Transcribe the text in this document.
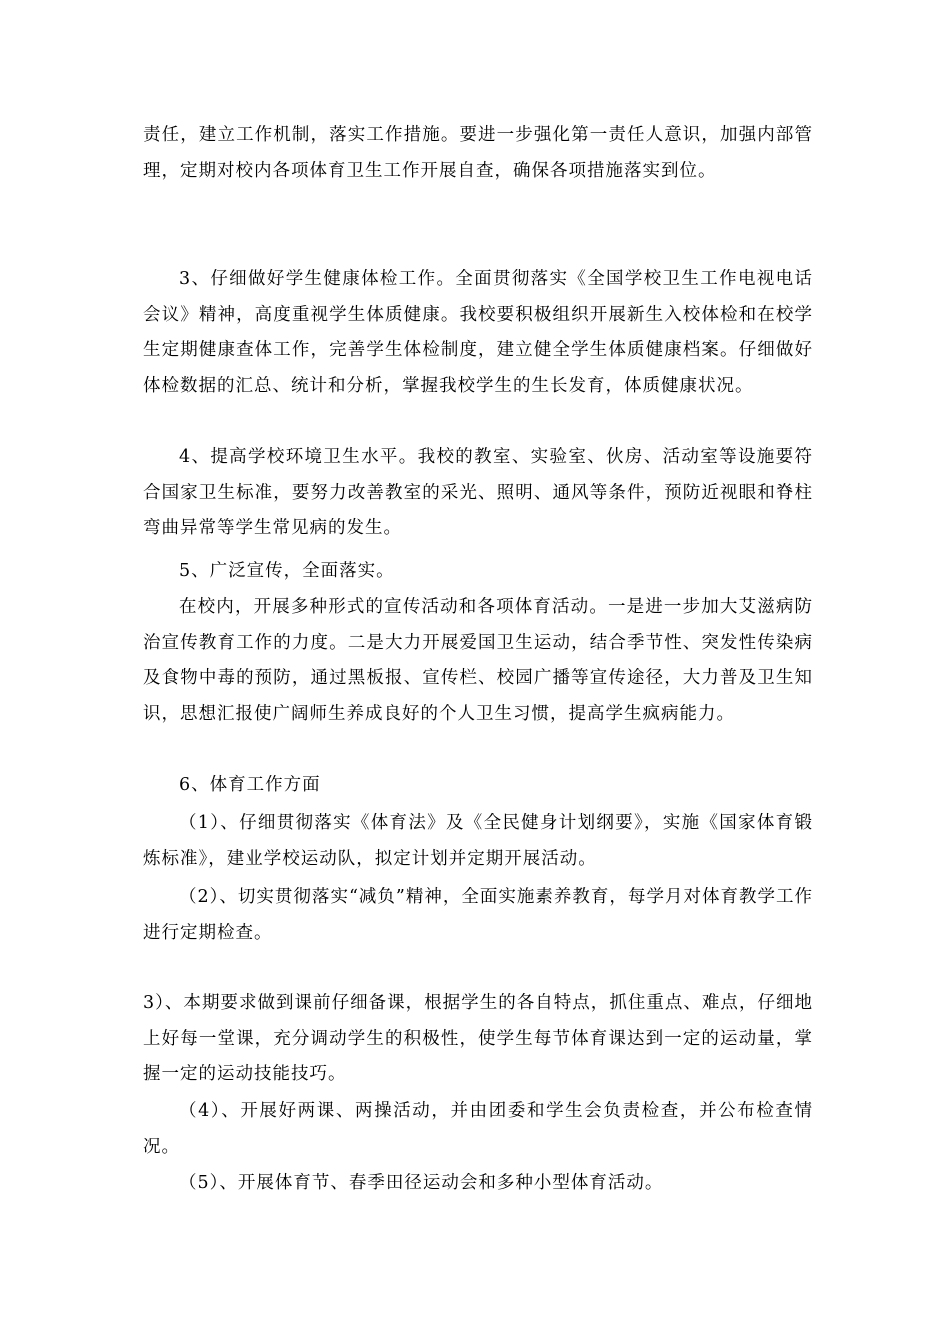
责任，建立工作机制，落实工作措施。要进一步强化第一责任人意识，加强内部管理，定期对校内各项体育卫生工作开展自查，确保各项措施落实到位。

3、仔细做好学生健康体检工作。全面贯彻落实《全国学校卫生工作电视电话会议》精神，高度重视学生体质健康。我校要积极组织开展新生入校体检和在校学生定期健康查体工作，完善学生体检制度，建立健全学生体质健康档案。仔细做好体检数据的汇总、统计和分析，掌握我校学生的生长发育，体质健康状况。

4、提高学校环境卫生水平。我校的教室、实验室、伙房、活动室等设施要符合国家卫生标准，要努力改善教室的采光、照明、通风等条件，预防近视眼和脊柱弯曲异常等学生常见病的发生。

5、广泛宣传，全面落实。

在校内，开展多种形式的宣传活动和各项体育活动。一是进一步加大艾滋病防治宣传教育工作的力度。二是大力开展爱国卫生运动，结合季节性、突发性传染病及食物中毒的预防，通过黑板报、宣传栏、校园广播等宣传途径，大力普及卫生知识，思想汇报使广阔师生养成良好的个人卫生习惯，提高学生疯病能力。

6、体育工作方面

（1）、仔细贯彻落实《体育法》及《全民健身计划纲要》，实施《国家体育锻炼标准》，建业学校运动队，拟定计划并定期开展活动。

（2）、切实贯彻落实“减负”精神，全面实施素养教育，每学月对体育教学工作进行定期检查。

3）、本期要求做到课前仔细备课，根据学生的各自特点，抓住重点、难点，仔细地上好每一堂课，充分调动学生的积极性，使学生每节体育课达到一定的运动量，掌握一定的运动技能技巧。

（4）、开展好两课、两操活动，并由团委和学生会负责检查，并公布检查情况。

（5）、开展体育节、春季田径运动会和多种小型体育活动。
